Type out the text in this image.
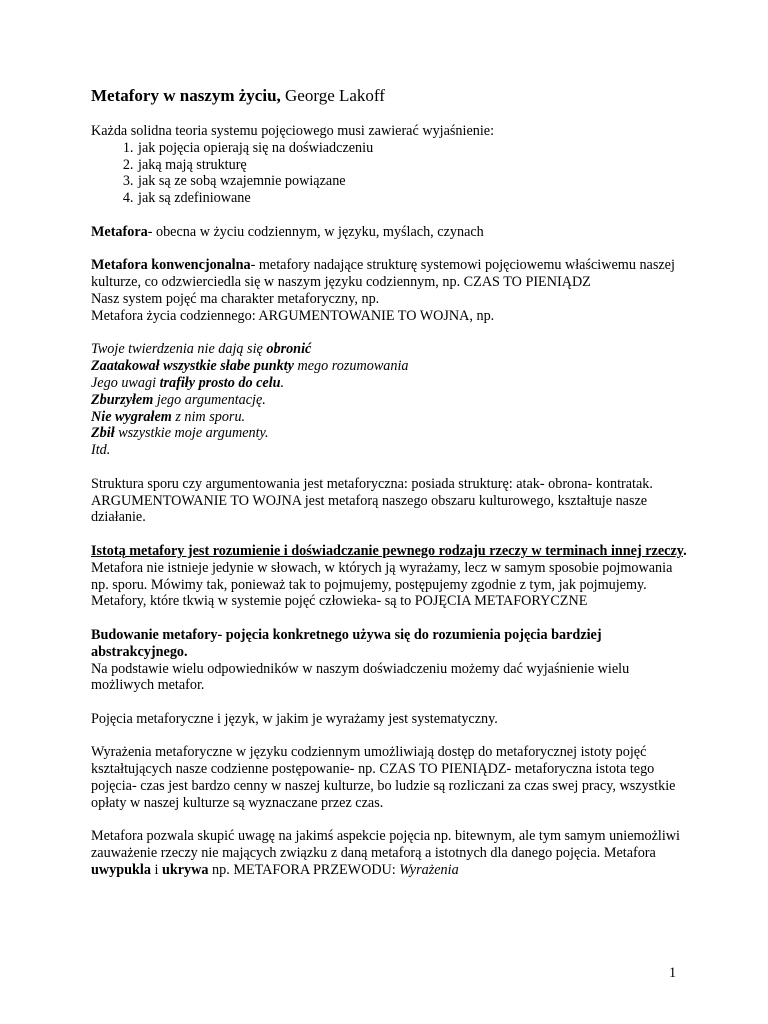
Metafory w naszym życiu, George Lakoff

Każda solidna teoria systemu pojęciowego musi zawierać wyjaśnienie:

1. jak pojęcia opierają się na doświadczeniu
2. jaką mają strukturę
3. jak są ze sobą wzajemnie powiązane
4. jak są zdefiniowane

Metafora- obecna w życiu codziennym, w języku, myślach, czynach

Metafora konwencjonalna- metafory nadające strukturę systemowi pojęciowemu właściwemu naszej kulturze, co odzwierciedla się w naszym języku codziennym, np. CZAS TO PIENIĄDZ

Nasz system pojęć ma charakter metaforyczny, np.

Metafora życia codziennego: ARGUMENTOWANIE TO WOJNA, np.

Twoje twierdzenia nie dają się obronić

Zaatakował wszystkie słabe punkty mego rozumowania

Jego uwagi trafiły prosto do celu.

Zburzyłem jego argumentację.

Nie wygrałem z nim sporu.

Zbił wszystkie moje argumenty.

Itd.

Struktura sporu czy argumentowania jest metaforyczna: posiada strukturę: atak- obrona- kontratak. ARGUMENTOWANIE TO WOJNA jest metaforą naszego obszaru kulturowego, kształtuje nasze działanie.

Istotą metafory jest rozumienie i doświadczanie pewnego rodzaju rzeczy w terminach innej rzeczy.

Metafora nie istnieje jedynie w słowach, w których ją wyrażamy, lecz w samym sposobie pojmowania np. sporu. Mówimy tak, ponieważ tak to pojmujemy, postępujemy zgodnie z tym, jak pojmujemy. Metafory, które tkwią w systemie pojęć człowieka- są to POJĘCIA METAFORYCZNE

Budowanie metafory- pojęcia konkretnego używa się do rozumienia pojęcia bardziej abstrakcyjnego.

Na podstawie wielu odpowiedników w naszym doświadczeniu możemy dać wyjaśnienie wielu możliwych metafor.

Pojęcia metaforyczne i język, w jakim je wyrażamy jest systematyczny.

Wyrażenia metaforyczne w języku codziennym umożliwiają dostęp do metaforycznej istoty pojęć kształtujących nasze codzienne postępowanie- np. CZAS TO PIENIĄDZ- metaforyczna istota tego pojęcia- czas jest bardzo cenny w naszej kulturze, bo ludzie są rozliczani za czas swej pracy, wszystkie opłaty w naszej kulturze są wyznaczane przez czas.

Metafora pozwala skupić uwagę na jakimś aspekcie pojęcia np. bitewnym, ale tym samym uniemożliwi zauważenie rzeczy nie mających związku z daną metaforą a istotnych dla danego pojęcia. Metafora uwypukla i ukrywa np. METAFORA PRZEWODU: Wyrażenia

1
